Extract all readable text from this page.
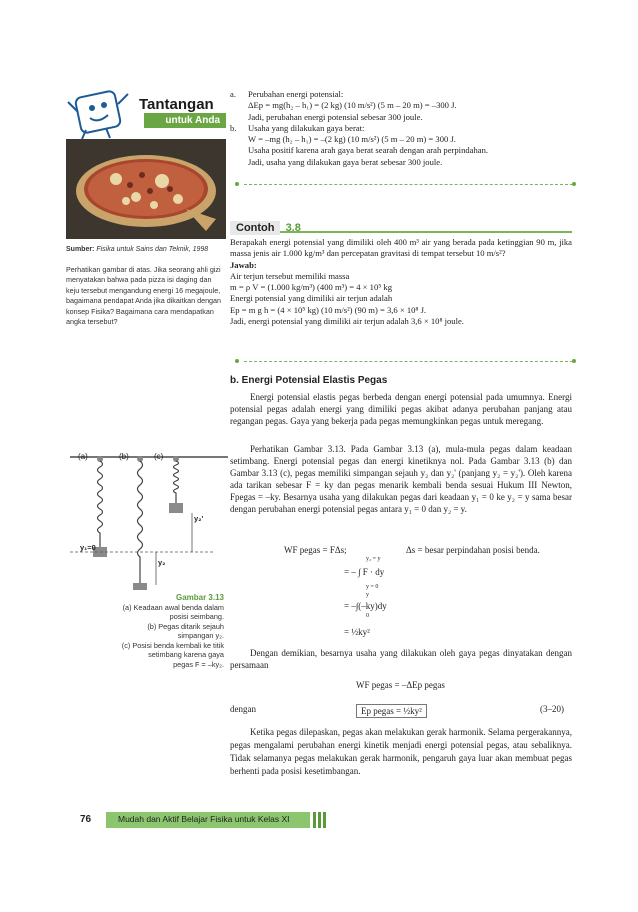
Tantangan
untuk Anda
Sumber: Fisika untuk Sains dan Teknik, 1998
Perhatikan gambar di atas. Jika seorang ahli gizi menyatakan bahwa pada pizza isi daging dan keju tersebut mengandung energi 16 megajoule, bagaimana pendapat Anda jika dikaitkan dengan konsep Fisika? Bagaimana cara mendapatkan angka tersebut?
(a)	(b)	(c)
y₁=0
y₂
y₂'
Gambar 3.13
(a) Keadaan awal benda dalam
posisi seimbang.
(b) Pegas ditarik sejauh
simpangan y₂.
(c) Posisi benda kembali ke titik
setimbang karena gaya
pegas F = –ky₂.
a. Perubahan energi potensial:
ΔEp = mg(h₂ – h₁) = (2 kg) (10 m/s²) (5 m – 20 m) = –300 J.
Jadi, perubahan energi potensial sebesar 300 joule.
b. Usaha yang dilakukan gaya berat:
W = –mg (h₂ – h₁) = –(2 kg) (10 m/s²) (5 m – 20 m) = 300 J.
Usaha positif karena arah gaya berat searah dengan arah perpindahan.
Jadi, usaha yang dilakukan gaya berat sebesar 300 joule.
Contoh 3.8
Berapakah energi potensial yang dimiliki oleh 400 m³ air yang berada pada ketinggian 90 m, jika massa jenis air 1.000 kg/m³ dan percepatan gravitasi di tempat tersebut 10 m/s²?
Jawab:
Air terjun tersebut memiliki massa
m = ρ V = (1.000 kg/m³) (400 m³) = 4 × 10⁵ kg
Energi potensial yang dimiliki air terjun adalah
Ep = m g h = (4 × 10⁵ kg) (10 m/s²) (90 m) = 3,6 × 10⁸ J.
Jadi, energi potensial yang dimiliki air terjun adalah 3,6 × 10⁸ joule.
b. Energi Potensial Elastis Pegas
Energi potensial elastis pegas berbeda dengan energi potensial pada umumnya. Energi potensial pegas adalah energi yang dimiliki pegas akibat adanya perubahan panjang atau regangan pegas. Gaya yang bekerja pada pegas memungkinkan pegas untuk meregang.
Perhatikan Gambar 3.13. Pada Gambar 3.13 (a), mula-mula pegas dalam keadaan setimbang. Energi potensial pegas dan energi kinetiknya nol. Pada Gambar 3.13 (b) dan Gambar 3.13 (c), pegas memiliki simpangan sejauh y₂ dan y₂' (panjang y₂ = y₂'). Oleh karena ada tarikan sebesar F = ky dan pegas menarik kembali benda sesuai Hukum III Newton, Fpegas = –ky. Besarnya usaha yang dilakukan pegas dari keadaan y₁ = 0 ke y₂ = y sama besar dengan perubahan energi potensial pegas antara y₁ = 0 dan y₂ = y.
WF pegas = FΔs;	Δs = besar perpindahan posisi benda.
y₂ = y
= – ∫ F · dy
y = 0
y
= –∫(–ky)dy
0
= ½ky²
Dengan demikian, besarnya usaha yang dilakukan oleh gaya pegas dinyatakan dengan persamaan
WF pegas = –ΔEp pegas
dengan	Ep pegas = ½ky²	(3–20)
Ketika pegas dilepaskan, pegas akan melakukan gerak harmonik. Selama pergerakannya, pegas mengalami perubahan energi kinetik menjadi energi potensial pegas, atau sebaliknya. Tidak selamanya pegas melakukan gerak harmonik, pengaruh gaya luar akan membuat pegas berhenti pada posisi kesetimbangan.
76	Mudah dan Aktif Belajar Fisika untuk Kelas XI
